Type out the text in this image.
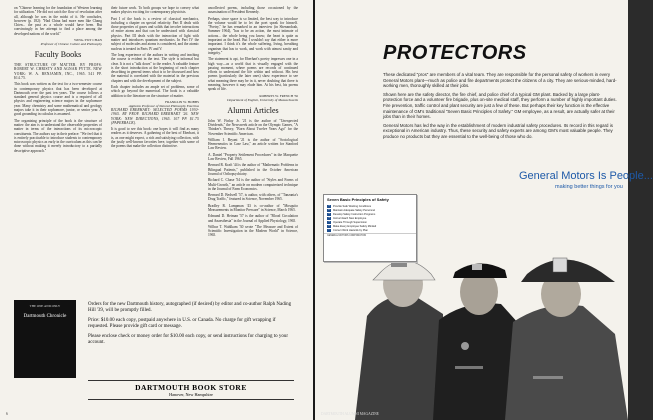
on "Chinese learning for the foundation of Western learning for utilization." He did not catch the flow of revolution after all, although he was in the midst of it. He concludes, however (p. 182): "Had China had more men like Chang Chien... the past as a whole would have been. But convincingly in her attempt to find a place among the developed nations of the world."

WING-TSIT CHAN
Professor of Chinese Culture and Philosophy
Faculty Books

THE STRUCTURE OF MATTER. BY PROFS. ROBERT W. CHRISTY AND AGNAR PYTTE. NEW YORK: W. A. BENJAMIN, INC., 1965. 541 PP. $14.75.

This book was written as the text for a two-semester course in contemporary physics that has been developed at Dartmouth over the past ten years. The course follows a standard general physics course and is a required of all physics and engineering science majors in the sophomore year. Many chemistry and some mathematical and geology majors take it in their sophomore, junior, or senior year. A good grounding in calculus is assumed.

The organizing principle of the book is the structure of matter: the aim is to understand the observable properties of matter in terms of the interactions of its microscopic constituents. The authors say in their preface: "We feel that it is entirely practicable to introduce students to contemporary microscopic physics as early in the curriculum as this can be done without making it merely introductory to a partially descriptive approach."

their future work. To both groups we hope to convey what makes physics exciting for contemporary physicists.

Part I of the book is a review of classical mechanics, including a chapter on special relativity. Part II deals with those properties of gases and solids that involve interactions of entire atoms and that can be understood with classical physics. Part III deals with the interaction of light with matter and introduces quantum mechanics. In Part IV the subject of molecules and atoms is considered, and the atomic nucleus is treated in Parts IV and V.

The long experience of the authors in writing and teaching the course is evident in the text. The style is informal but clear. It is not a "talk down" to the reader. A valuable feature is the short introduction at the beginning of each chapter describing in general terms what is to be discussed and how the material is correlated with the material in the previous chapters and with the development of the subject.

Each chapter includes an ample set of problems, some of which go beyond the numerical. The book is a valuable addition to the literature on the structure of matter.

FRANKLIN W. HOBBS
Appleton Professor of Natural Philosophy Emeritus

RICHARD EBERHART: SELECTED POEMS 1930-1965. BY PROF. RICHARD EBERHART '26. NEW YORK: NEW DIRECTIONS, 1965. 107 PP. $1.75 (PAPERBACK).

It is good to see this book: one hopes it will find as many readers as it deserves. A gathering of the best of Eberhart, it is, as one might expect, a rich and satisfying collection, with the justly well-known favorites here, together with some of the poems that make the collection distinctive.

uncollected poems, including those occasioned by the assassination of President Kennedy.

Perhaps, since space is so limited, the best way to introduce the volume would be to let the poet speak for himself. "Poetry," he has remarked in an interview (in Shenandoah, Summer 1964), "has to be an action, the most intimate of actions... the whole being you know; the heart is quite as important as the head. But I wouldn't say that either is more important. I think it's the whole suffering, living, breathing organism that has to work, and work with utmost sanity and integrity."

The statement is apt, for Eberhart's poetry impresses one in a high way—as a world that is visually engaged with the passing moment, where poems are records of continued efforts to understand the life within and without. His best poems (particularly the later ones) show experience to see what meaning there may be in it, never doubting that there is meaning, however it may elude him. At his best, his poems speak of life.

ROBERTS W. FRENCH '56
Department of English, University of Massachusetts
Alumni Articles

John W. Finlay Jr. '21 is the author of "Unexpected Dividends," the Newsweek article on the Olympic Games, "A Thinker's Theory, "Born About Twelve Years Ago" for the November Scientific American.

William I. Bryant '21 is the author of "Sociological Hermeneutics in Case Law," an article written for Stanford Law Review.

A. Daniel "Property Settlement Procedures" in the Marquette Law Review, Fall 1965.

Bernard R. Kraft '44 is the author of "Mathematic Problems in Bilingual Patients," published in the October American Journal of Orthopsychiatry.

Richard C. Chase '54 is the author of "Styles and Forms of Multi-Growth," an article on modern computerized technique in the Journal of Farm Economics.

Bernard D. Bedwell '57, is author, with others, of "Tanzania's Drug Traffic," featured in Science, November 1965.

Bradley R. Lampman '43 is co-author of "Mosquito Measurements in Monitor Pressure" in Science, March 1965.

Edmund D. Heiman '57 is the author of "Blood Circulation and Anaesthesia" in the Journal of Applied Physiology, 1965.

Wilbur T. Wahlkam '30 wrote "The Measure and Extent of Scientific Investigation in the Modern World" in Science, 1965.

THE ONE AND ONLY
Dartmouth Chronicle

Orders for the new Dartmouth history, autographed (if desired) by editor and co-author Ralph Nading Hill '39, will be promptly filled.

Price: $10.00 each copy, postpaid anywhere in U.S. or Canada. No charge for gift wrapping if requested. Please provide gift card or message.

Please enclose check or money order for $10.00 each copy, or send instructions for charging to your account.

DARTMOUTH BOOK STORE
Hanover, New Hampshire
6
PROTECTORS

These dedicated "pros" are members of a vital team. They are responsible for the personal safety of workers in every General Motors plant—much as police and fire departments protect the citizens of a city. They are serious-minded, hard-working men, thoroughly skilled at their jobs.

Shown here are the safety director, the fire chief, and police chief of a typical GM plant. Backed by a large plant-protection force and a volunteer fire brigade, plus on-site medical staff, they perform a number of highly important duties. Fire prevention, traffic control and plant security are just a few of these. But perhaps their key function is the effective maintenance of GM's traditional "Seven Basic Principles of Safety." GM employee, as a result, are actually safer at their jobs than in their homes.

General Motors has led the way in the establishment of modern industrial safety procedures. Its record in this regard is exceptional in American industry. Thus, these security and safety experts are among GM's most valuable people. They produce no products but they are essential to the well-being of those who do.

General Motors Is People...
making better things for you
Seven Basic Principles of Safety
1	Provide Safe Working Conditions
2	Maintain Adequate Safety Personnel
3	Develop Safety Instruction Programs
4	Instruct Each New Employee
5	Operate Through Supervision
6	Make Every Employee Safety Minded
7	Correct Work Hazards by Plan
GENERAL MOTORS CORPORATION
DARTMOUTH ALUMNI MAGAZINE
